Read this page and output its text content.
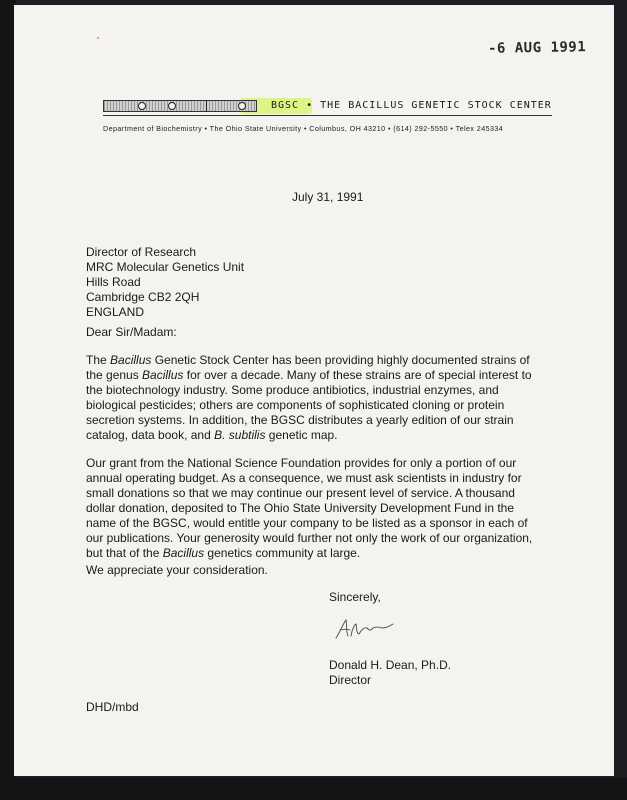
-6 AUG 1991
BGSC • THE BACILLUS GENETIC STOCK CENTER
Department of Biochemistry • The Ohio State University • Columbus, OH 43210 • (614) 292-5550 • Telex 245334
July 31, 1991
Director of Research
MRC Molecular Genetics Unit
Hills Road
Cambridge CB2 2QH
ENGLAND
Dear Sir/Madam:
The Bacillus Genetic Stock Center has been providing highly documented strains of the genus Bacillus for over a decade. Many of these strains are of special interest to the biotechnology industry. Some produce antibiotics, industrial enzymes, and biological pesticides; others are components of sophisticated cloning or protein secretion systems. In addition, the BGSC distributes a yearly edition of our strain catalog, data book, and B. subtilis genetic map.
Our grant from the National Science Foundation provides for only a portion of our annual operating budget. As a consequence, we must ask scientists in industry for small donations so that we may continue our present level of service. A thousand dollar donation, deposited to The Ohio State University Development Fund in the name of the BGSC, would entitle your company to be listed as a sponsor in each of our publications. Your generosity would further not only the work of our organization, but that of the Bacillus genetics community at large.
We appreciate your consideration.
Sincerely,
Donald H. Dean, Ph.D.
Director
DHD/mbd
